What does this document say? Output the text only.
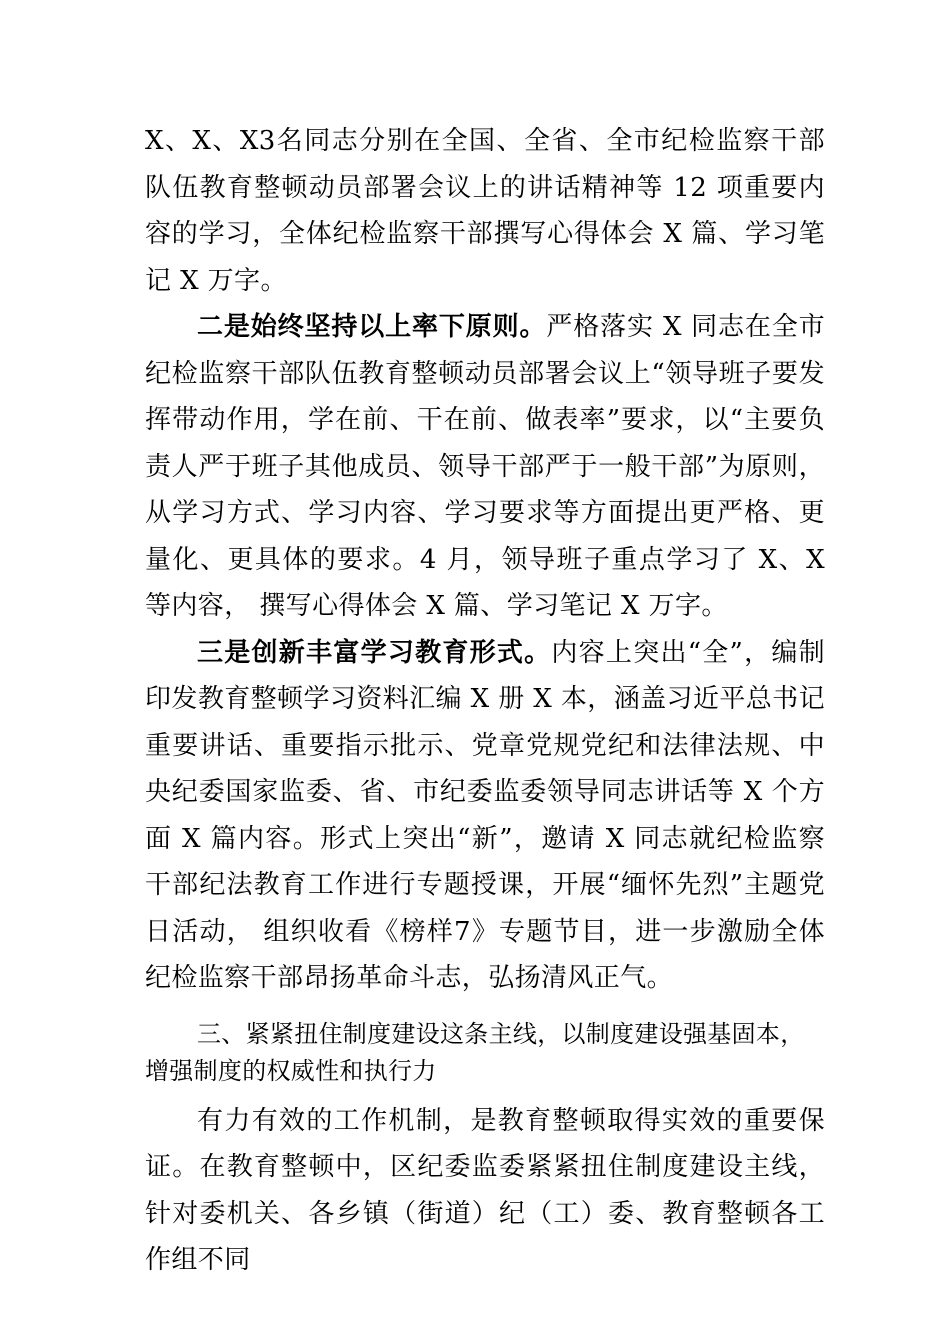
X、X、X3名同志分别在全国、全省、全市纪检监察干部队伍教育整顿动员部署会议上的讲话精神等 12 项重要内容的学习，全体纪检监察干部撰写心得体会 X 篇、学习笔记 X 万字。

二是始终坚持以上率下原则。严格落实 X 同志在全市纪检监察干部队伍教育整顿动员部署会议上“领导班子要发挥带动作用，学在前、干在前、做表率”要求，以“主要负责人严于班子其他成员、领导干部严于一般干部”为原则，从学习方式、学习内容、学习要求等方面提出更严格、更量化、更具体的要求。4 月，领导班子重点学习了 X、X 等内容， 撰写心得体会 X 篇、学习笔记 X 万字。

三是创新丰富学习教育形式。内容上突出“全”，编制印发教育整顿学习资料汇编 X 册 X 本，涵盖习近平总书记重要讲话、重要指示批示、党章党规党纪和法律法规、中央纪委国家监委、省、市纪委监委领导同志讲话等 X 个方面 X 篇内容。形式上突出“新”，邀请 X 同志就纪检监察干部纪法教育工作进行专题授课，开展“缅怀先烈”主题党日活动， 组织收看《榜样7》专题节目，进一步激励全体纪检监察干部昂扬革命斗志，弘扬清风正气。

三、紧紧扭住制度建设这条主线，以制度建设强基固本，增强制度的权威性和执行力

有力有效的工作机制，是教育整顿取得实效的重要保证。在教育整顿中，区纪委监委紧紧扭住制度建设主线，针对委机关、各乡镇（街道）纪（工）委、教育整顿各工作组不同
